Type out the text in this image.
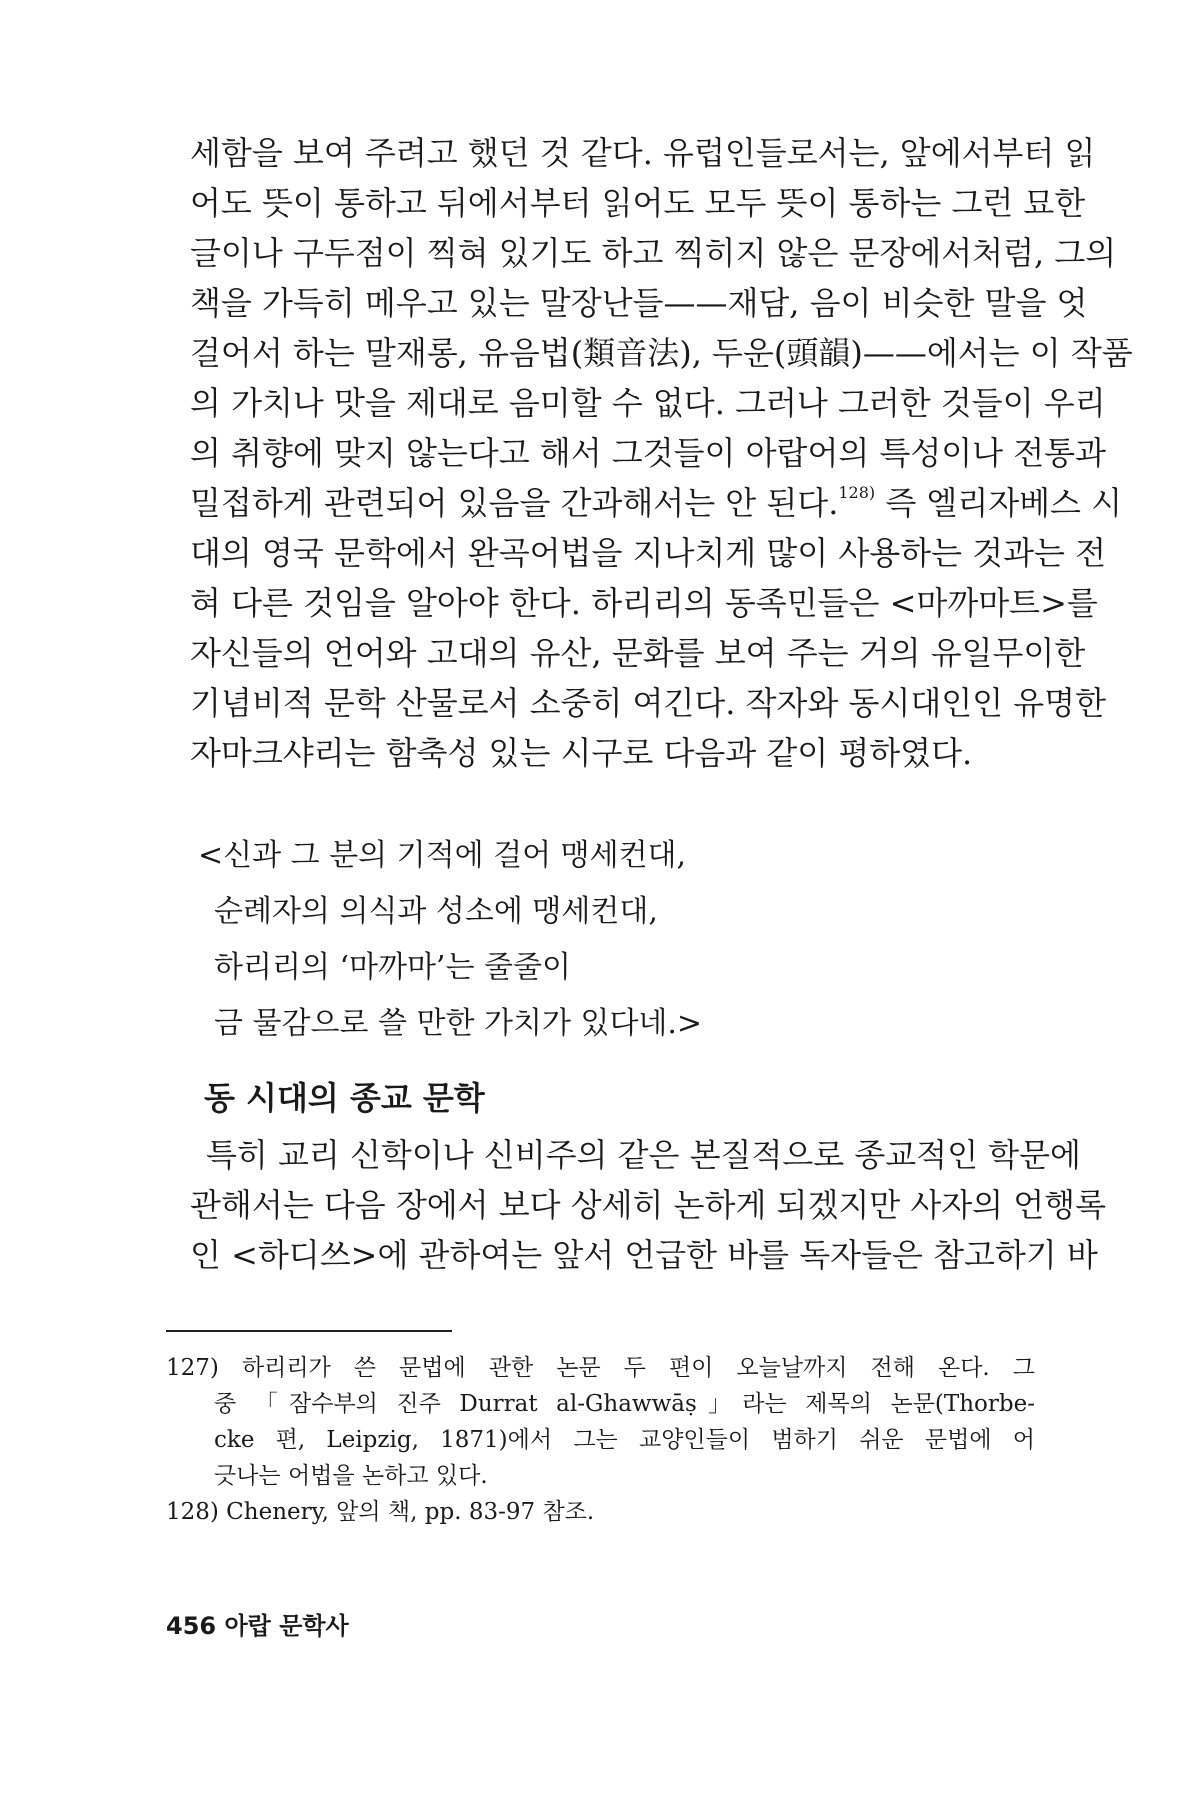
세함을 보여 주려고 했던 것 같다. 유럽인들로서는, 앞에서부터 읽
어도 뜻이 통하고 뒤에서부터 읽어도 모두 뜻이 통하는 그런 묘한
글이나 구두점이 찍혀 있기도 하고 찍히지 않은 문장에서처럼, 그의
책을 가득히 메우고 있는 말장난들——재담, 음이 비슷한 말을 엇
걸어서 하는 말재롱, 유음법(類音法), 두운(頭韻)——에서는 이 작품
의 가치나 맛을 제대로 음미할 수 없다. 그러나 그러한 것들이 우리
의 취향에 맞지 않는다고 해서 그것들이 아랍어의 특성이나 전통과
밀접하게 관련되어 있음을 간과해서는 안 된다.$^{128)}$ 즉 엘리자베스 시
대의 영국 문학에서 완곡어법을 지나치게 많이 사용하는 것과는 전
혀 다른 것임을 알아야 한다. 하리리의 동족민들은 <마까마트>를
자신들의 언어와 고대의 유산, 문화를 보여 주는 거의 유일무이한
기념비적 문학 산물로서 소중히 여긴다. 작자와 동시대인인 유명한
자마크샤리는 함축성 있는 시구로 다음과 같이 평하였다.
<신과 그 분의 기적에 걸어 맹세컨대,
순례자의 의식과 성소에 맹세컨대,
하리리의 ‘마까마’는 줄줄이
금 물감으로 쓸 만한 가치가 있다네.>
동 시대의 종교 문학
특히 교리 신학이나 신비주의 같은 본질적으로 종교적인 학문에
관해서는 다음 장에서 보다 상세히 논하게 되겠지만 사자의 언행록
인 <하디쓰>에 관하여는 앞서 언급한 바를 독자들은 참고하기 바
127) 하리리가 쓴 문법에 관한 논문 두 편이 오늘날까지 전해 온다. 그
중 「잠수부의 진주 Durrat al-Ghawwāṣ」라는 제목의 논문(Thorbe-
cke 편, Leipzig, 1871)에서 그는 교양인들이 범하기 쉬운 문법에 어
긋나는 어법을 논하고 있다.
128) Chenery, 앞의 책, pp. 83-97 참조.
456 아랍 문학사
